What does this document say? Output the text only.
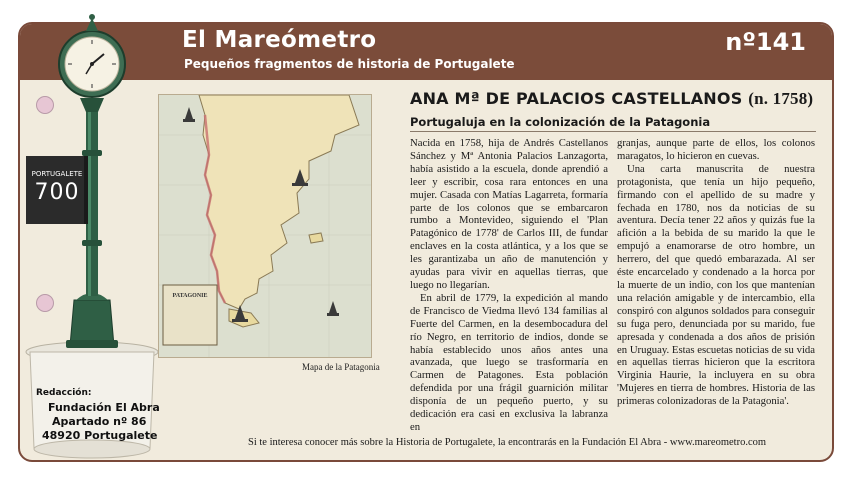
El Mareómetro
Pequeños fragmentos de historia de Portugalete
nº141
PORTUGALETE
700
Redacción:
Fundación El Abra
Apartado nº 86
48920 Portugalete
PATAGONIE
Mapa de la Patagonia
ANA Mª DE PALACIOS CASTELLANOS (n. 1758)
Portugaluja en la colonización de la Patagonia

Nacida en 1758, hija de Andrés Castellanos Sánchez y Mª Antonia Palacios Lanzagorta, había asistido a la escuela, donde aprendió a leer y escribir, cosa rara entonces en una mujer. Casada con Matías Lagarreta, formaría parte de los colonos que se embarcaron rumbo a Montevideo, siguiendo el 'Plan Patagónico de 1778' de Carlos III, de fundar enclaves en la costa atlántica, y a los que se les garantizaba un año de manutención y ayudas para vivir en aquellas tierras, que luego no llegarían.

En abril de 1779, la expedición al mando de Francisco de Viedma llevó 134 familias al Fuerte del Carmen, en la desembocadura del río Negro, en territorio de indios, donde se había establecido unos años antes una avanzada, que luego se trasformaría en Carmen de Patagones. Esta población defendida por una frágil guarnición militar disponía de un pequeño puerto, y su dedicación era casi en exclusiva la labranza en

granjas, aunque parte de ellos, los colonos maragatos, lo hicieron en cuevas.

Una carta manuscrita de nuestra protagonista, que tenía un hijo pequeño, firmando con el apellido de su madre y fechada en 1780, nos da noticias de su aventura. Decía tener 22 años y quizás fue la afición a la bebida de su marido la que le empujó a enamorarse de otro hombre, un herrero, del que quedó embarazada. Al ser éste encarcelado y condenado a la horca por la muerte de un indio, con los que mantenían una relación amigable y de intercambio, ella conspiró con algunos soldados para conseguir su fuga pero, denunciada por su marido, fue apresada y condenada a dos años de prisión en Uruguay. Estas escuetas noticias de su vida en aquellas tierras hicieron que la escritora Virginia Haurie, la incluyera en su obra 'Mujeres en tierra de hombres. Historia de las primeras colonizadoras de la Patagonia'.

Si te interesa conocer más sobre la Historia de Portugalete, la encontrarás en la Fundación El Abra - www.mareometro.com
